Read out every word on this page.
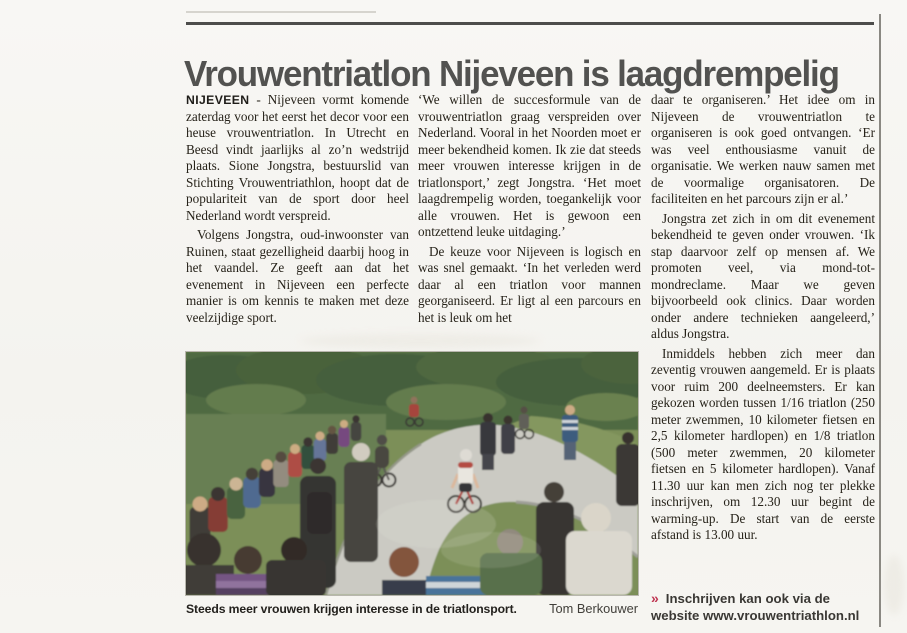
Vrouwentriatlon Nijeveen is laagdrempelig

NIJEVEEN - Nijeveen vormt komende zaterdag voor het eerst het decor voor een heuse vrouwentriatlon. In Utrecht en Beesd vindt jaarlijks al zo’n wedstrijd plaats. Sione Jongstra, bestuurslid van Stichting Vrouwentriathlon, hoopt dat de populariteit van de sport door heel Nederland wordt verspreid.

Volgens Jongstra, oud-inwoonster van Ruinen, staat gezelligheid daarbij hoog in het vaandel. Ze geeft aan dat het evenement in Nijeveen een perfecte manier is om kennis te maken met deze veelzijdige sport.

‘We willen de succesformule van de vrouwentriatlon graag verspreiden over Nederland. Vooral in het Noorden moet er meer bekendheid komen. Ik zie dat steeds meer vrouwen interesse krijgen in de triatlonsport,’ zegt Jongstra. ‘Het moet laagdrempelig worden, toegankelijk voor alle vrouwen. Het is gewoon een ontzettend leuke uitdaging.’

De keuze voor Nijeveen is logisch en was snel gemaakt. ‘In het verleden werd daar al een triatlon voor mannen georganiseerd. Er ligt al een parcours en het is leuk om het

daar te organiseren.’ Het idee om in Nijeveen de vrouwentriatlon te organiseren is ook goed ontvangen. ‘Er was veel enthousiasme vanuit de organisatie. We werken nauw samen met de voormalige organisatoren. De faciliteiten en het parcours zijn er al.’

Jongstra zet zich in om dit evenement bekendheid te geven onder vrouwen. ‘Ik stap daarvoor zelf op mensen af. We promoten veel, via mond-tot-mondreclame. Maar we geven bijvoorbeeld ook clinics. Daar worden onder andere technieken aangeleerd,’ aldus Jongstra.

Inmiddels hebben zich meer dan zeventig vrouwen aangemeld. Er is plaats voor ruim 200 deelneemsters. Er kan gekozen worden tussen 1/16 triatlon (250 meter zwemmen, 10 kilometer fietsen en 2,5 kilometer hardlopen) en 1/8 triatlon (500 meter zwemmen, 20 kilometer fietsen en 5 kilometer hardlopen). Vanaf 11.30 uur kan men zich nog ter plekke inschrijven, om 12.30 uur begint de warming-up. De start van de eerste afstand is 13.00 uur.

Steeds meer vrouwen krijgen interesse in de triatlonsport.	Tom Berkouwer
» Inschrijven kan ook via de website www.vrouwentriathlon.nl
